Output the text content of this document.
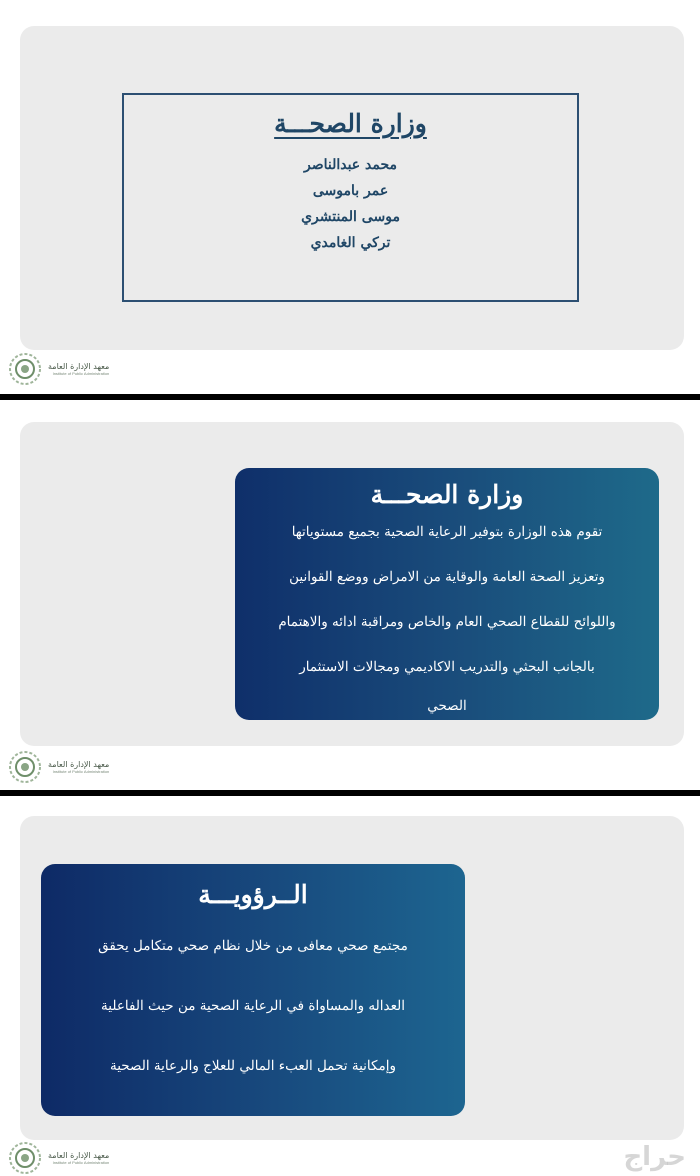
وزارة الصحـــة
محمد عبدالناصر
عمر باموسى
موسى المنتشري
تركي الغامدي
معهد الإدارة العامة
Institute of Public Administration
وزارة الصحـــة

تقوم هذه الوزارة بتوفير الرعاية الصحية بجميع مستوياتها

وتعزيز الصحة العامة والوقاية من الامراض ووضع القوانين

واللوائح للقطاع الصحي العام والخاص ومراقبة ادائه والاهتمام

بالجانب البحثي والتدريب الاكاديمي ومجالات الاستثمار

الصحي

معهد الإدارة العامة
Institute of Public Administration
الــرؤويـــة

مجتمع صحي معافى من خلال نظام صحي متكامل يحقق

العداله والمساواة في الرعاية الصحية من حيث الفاعلية

وإمكانية تحمل العبء المالي للعلاج والرعاية الصحية

معهد الإدارة العامة
Institute of Public Administration	حراج
